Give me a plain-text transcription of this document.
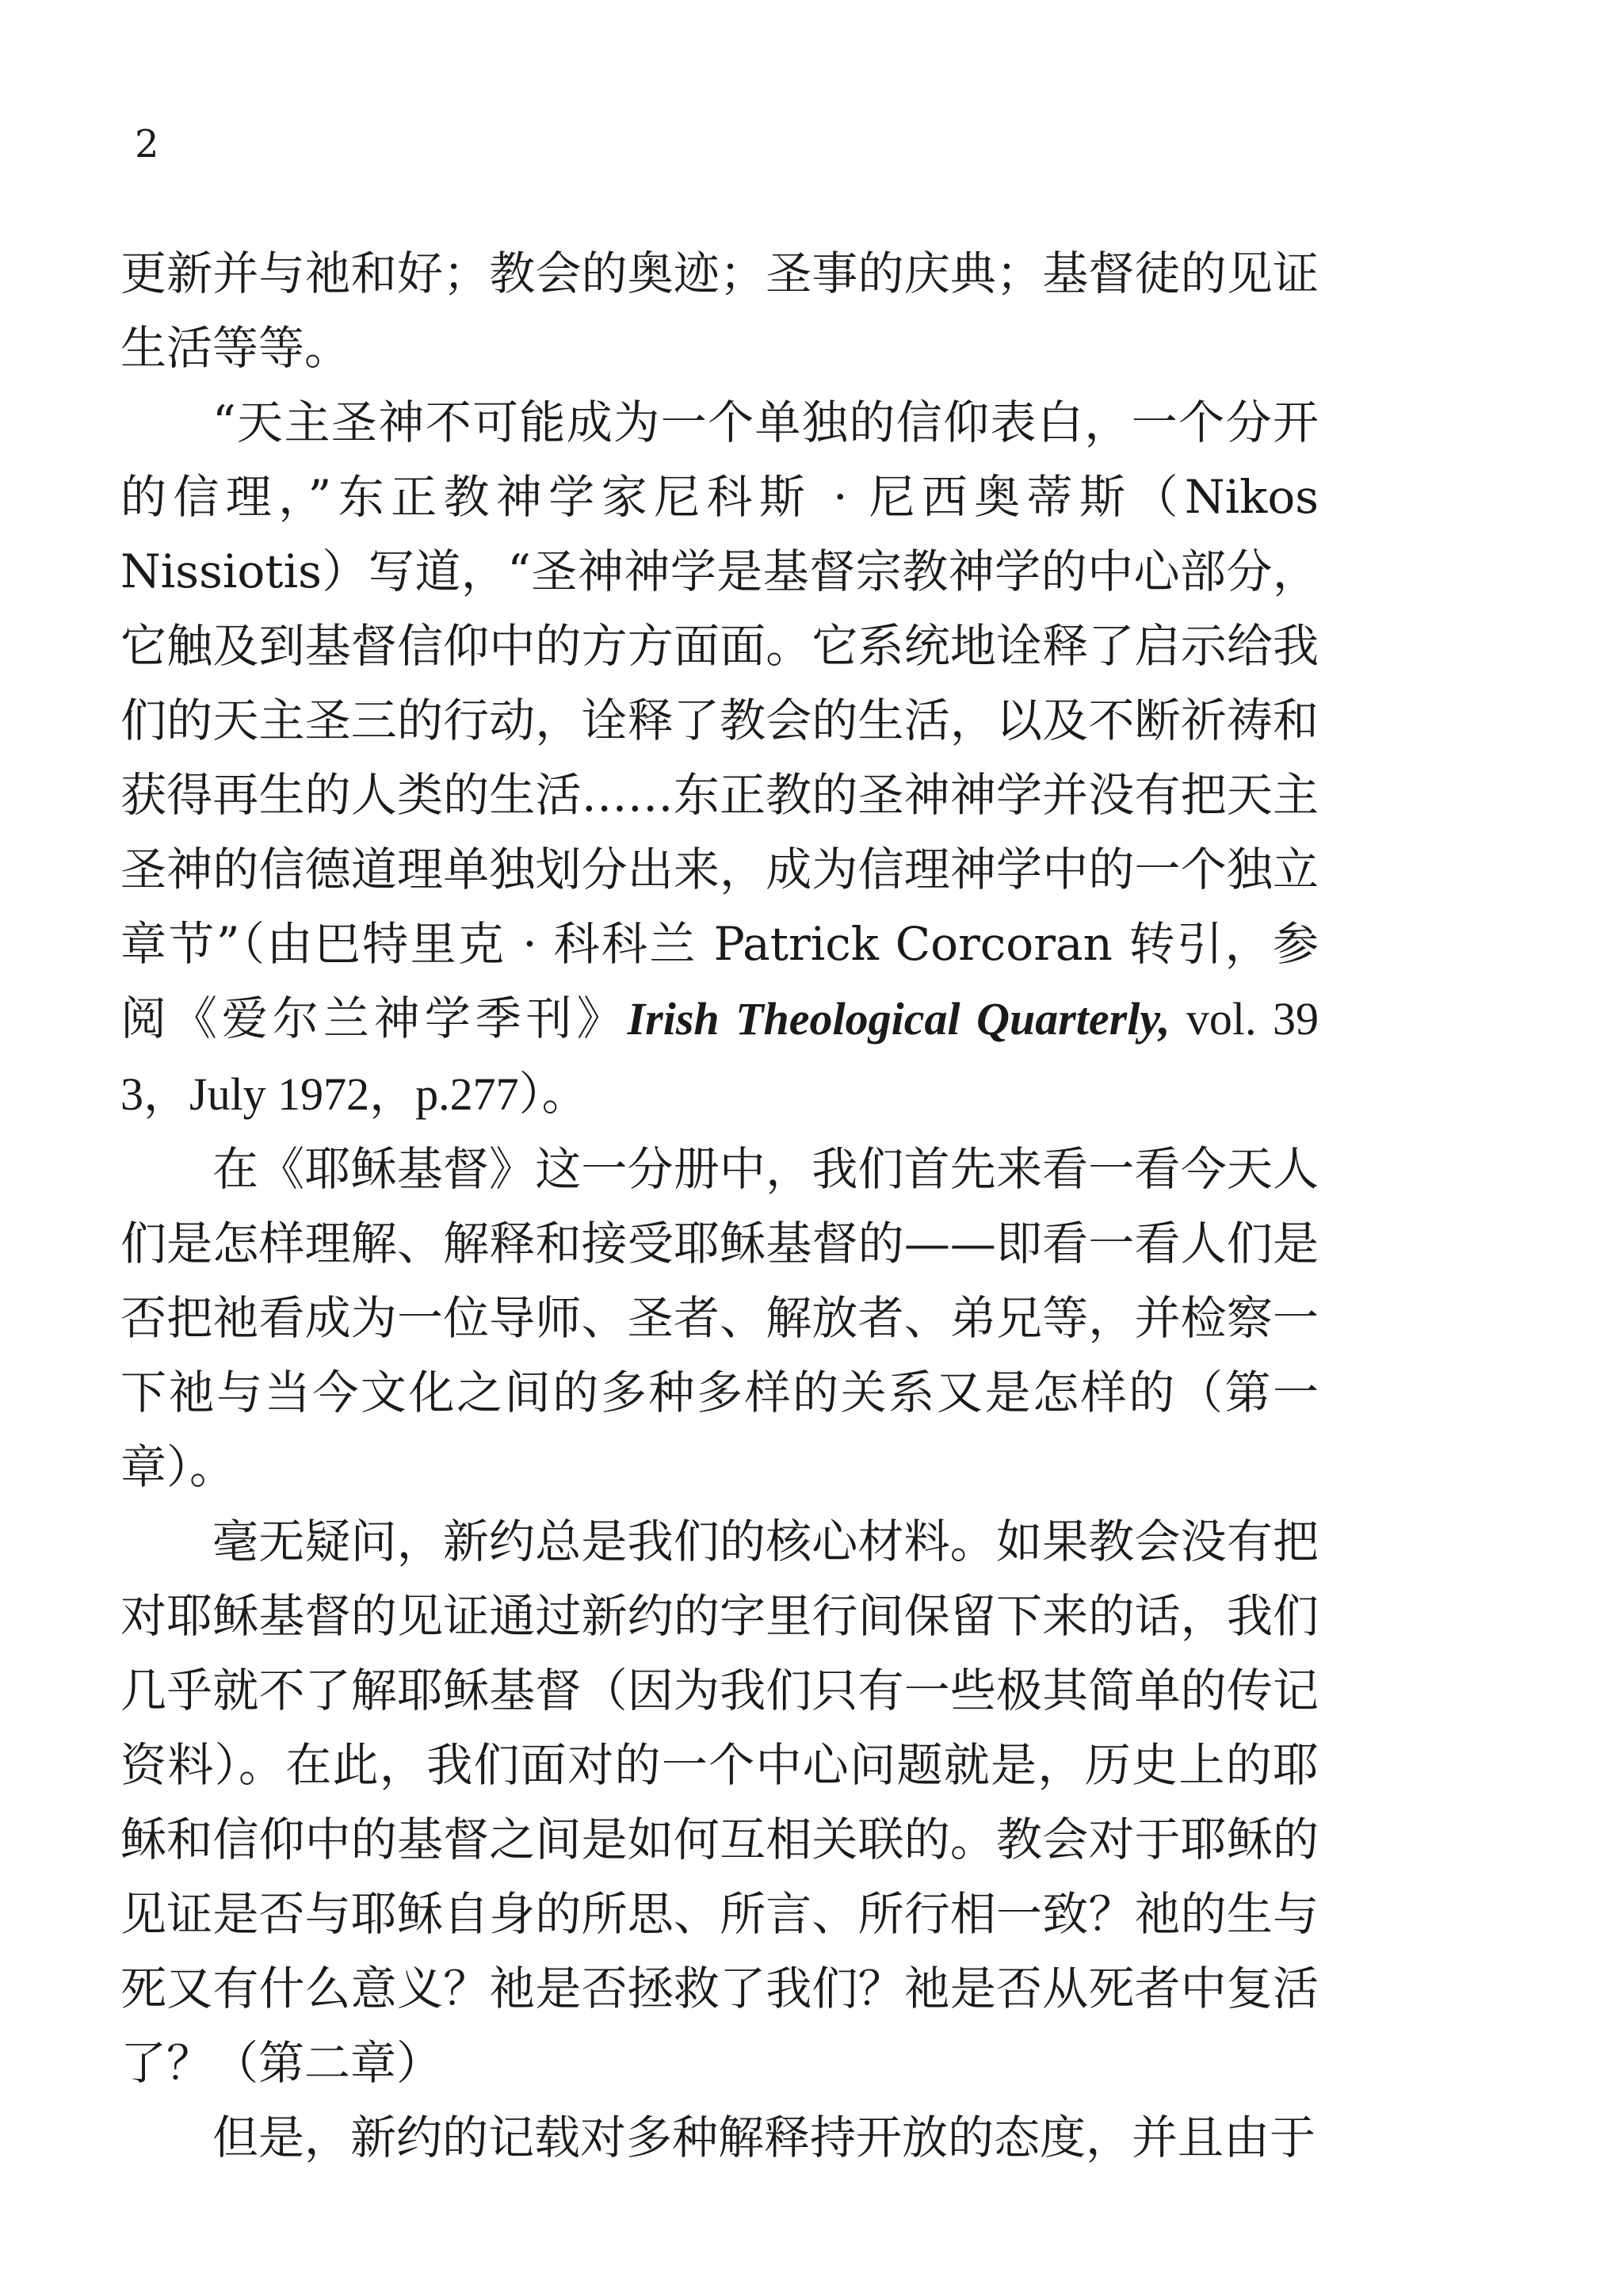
2

更新并与祂和好；教会的奥迹；圣事的庆典；基督徒的见证生活等等。

“天主圣神不可能成为一个单独的信仰表白，一个分开的信理，”东正教神学家尼科斯 · 尼西奥蒂斯（Nikos Nissiotis）写道，“圣神神学是基督宗教神学的中心部分，它触及到基督信仰中的方方面面。它系统地诠释了启示给我们的天主圣三的行动，诠释了教会的生活，以及不断祈祷和获得再生的人类的生活……东正教的圣神神学并没有把天主圣神的信德道理单独划分出来，成为信理神学中的一个独立章节”（由巴特里克 · 科科兰 Patrick Corcoran 转引，参阅《爱尔兰神学季刊》Irish Theological Quarterly, vol. 39 3，July 1972，p.277）。

在《耶稣基督》这一分册中，我们首先来看一看今天人们是怎样理解、解释和接受耶稣基督的——即看一看人们是否把祂看成为一位导师、圣者、解放者、弟兄等，并检察一下祂与当今文化之间的多种多样的关系又是怎样的（第一章）。

毫无疑问，新约总是我们的核心材料。如果教会没有把对耶稣基督的见证通过新约的字里行间保留下来的话，我们几乎就不了解耶稣基督（因为我们只有一些极其简单的传记资料）。在此，我们面对的一个中心问题就是，历史上的耶稣和信仰中的基督之间是如何互相关联的。教会对于耶稣的见证是否与耶稣自身的所思、所言、所行相一致？祂的生与死又有什么意义？祂是否拯救了我们？祂是否从死者中复活了？（第二章）

但是，新约的记载对多种解释持开放的态度，并且由于
